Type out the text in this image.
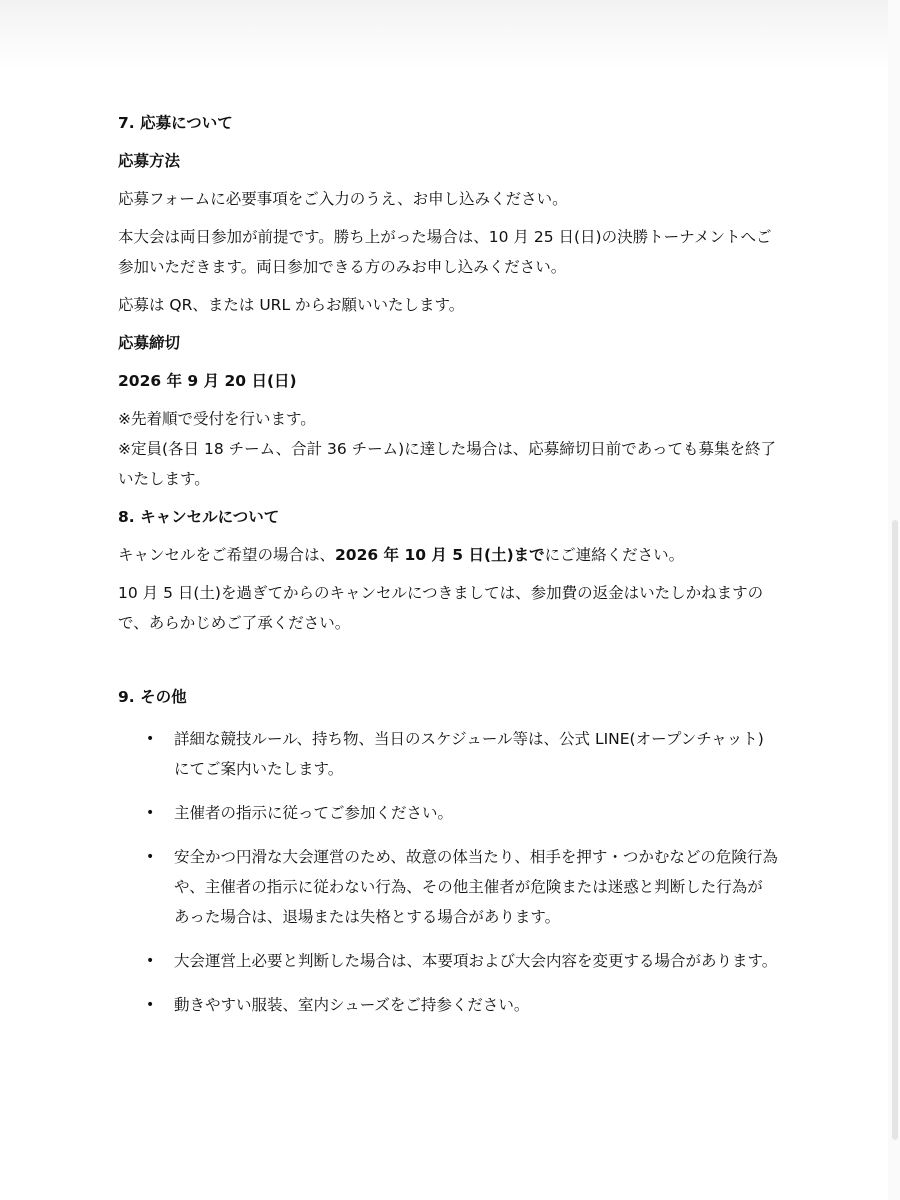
7. 応募について

応募方法

応募フォームに必要事項をご入力のうえ、お申し込みください。

本大会は両日参加が前提です。勝ち上がった場合は、10 月 25 日(日)の決勝トーナメントへご参加いただきます。両日参加できる方のみお申し込みください。

応募は QR、または URL からお願いいたします。

応募締切

2026 年 9 月 20 日(日)

※先着順で受付を行います。

※定員(各日 18 チーム、合計 36 チーム)に達した場合は、応募締切日前であっても募集を終了いたします。

8. キャンセルについて

キャンセルをご希望の場合は、2026 年 10 月 5 日(土)までにご連絡ください。

10 月 5 日(土)を過ぎてからのキャンセルにつきましては、参加費の返金はいたしかねますので、あらかじめご了承ください。

9. その他

• 詳細な競技ルール、持ち物、当日のスケジュール等は、公式 LINE(オープンチャット)にてご案内いたします。
• 主催者の指示に従ってご参加ください。
• 安全かつ円滑な大会運営のため、故意の体当たり、相手を押す・つかむなどの危険行為や、主催者の指示に従わない行為、その他主催者が危険または迷惑と判断した行為があった場合は、退場または失格とする場合があります。
• 大会運営上必要と判断した場合は、本要項および大会内容を変更する場合があります。
• 動きやすい服装、室内シューズをご持参ください。
